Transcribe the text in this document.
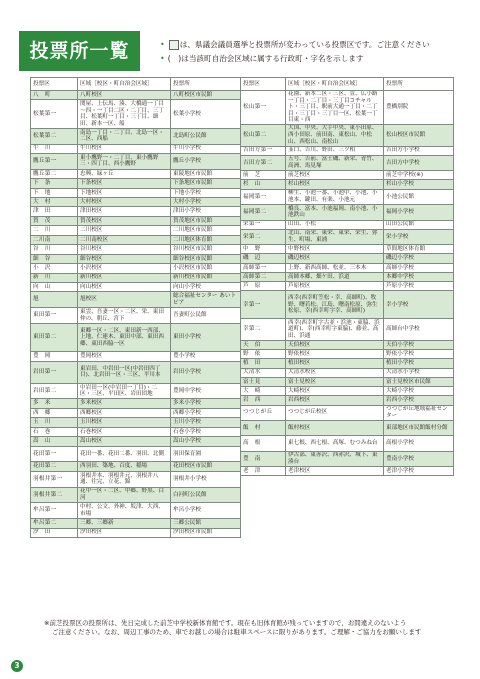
投票所一覧	• は、県議会議員選挙と投票所が変わっている投票区です。ご注意ください
• (　) は当該町自治会区域に属する行政町・字名を示します
投票区	区域［校区・町自治会区域］	投票所
八　町	八町校区	八町校区市民館
松葉第一	関屋、上伝馬、湊、大橋通一丁目～四・一丁目二区・二丁目、三丁目、松葉町一丁目・三丁目、細田、新本一区、船	松葉小学校
松葉第二	南島一丁目・二丁目、北島一区・二区、西船	北島町公民館
牛　川	牛川校区	牛川小学校
鷹丘第一	東小鷹野一・二丁目、東小鷹野三・四丁目、西小鷹野	鷹丘小学校
鷹丘第二	忠興、緑ヶ丘	東陵地区市民館
下　条	下条校区	下条地区市民館
下　地	下地校区	下地小学校
大　村	大村校区	大村小学校
津　田	津田校区	津田小学校
賀　茂	賀茂校区	賀茂地区市民館
二　川	二川校区	二川地区市民館
二川南	二川南校区	二川地区体育館
谷　川	谷川校区	谷川校区市民館
細　谷	細谷校区	細谷校区市民館
小　沢	小沢校区	小沢校区市民館
新　川	新川校区	新川校区市民館
向　山	向山校区	向山小学校
旭	旭校区	総合福祉センター あいトピア
東田第一	東雲、吾妻一区・二区、栄、東田仲の、朝丘、宮下	吾妻町公民館
東田第二	東郷一区・二区、東田新一西部、上地、仁連木、東田中部、東田西郷、東田西脇一区	東田小学校
豊　岡	豊岡校区	豊小学校
岩田第一	東岩田、中岩田一区(中岩田四丁目)、北岩田一区・三区、平川本	岩田小学校
岩田第二	中岩田一区(中岩田一丁目)・二区・三区、平田区、岩田団地	豊岡中学校
多　米	多米校区	多米小学校
西　郷	西郷校区	西郷小学校
玉　川	玉川校区	玉川小学校
石　巻	石巻校区	石巻小学校
嵩　山	嵩山校区	嵩山小学校
花田第一	花田一番、花田二番、羽田、北側	羽田保育園
花田第二	西羽田、築地、百度、稲場	花田校区市民館
羽根井第一	羽根井本、羽根井元、羽根井八通、往完、立花、錦	羽根井小学校
羽根井第二	花中一区・二区、中郷、野黒、白河	白河町公民館
牟呂第一	中村、公文、外神、坂津、大西、市場	牟呂小学校
牟呂第二	三郷、三郷新	三郷公民館
汐　田	汐田校区	汐田校区市民館
投票区	区域［校区・町自治会区域］	投票所
松山第一	花園、新本二区・三区、萱、広小路一丁目・二丁目・三丁目コチャルト・三丁目、駅前大通一丁目・二丁目・三丁目・三丁目一区、松葉一丁目東・西	豊橋別院
松山第二	大国、中央、大手中央、東小田原、西小田原、前田南、東松山、中松山、西松山、南松山	松山校区市民館
吉田方第一	韮口、吉川、野田、三ツ相	吉田方小学校
吉田方第二	五号、吉前、富士磯、新栄、青竹、高洲、馬見塚	吉田方中学校
前　芝	前芝校区	前芝中学校(※)
杉　山	杉山校区	杉山小学校
福岡第一	柳生、小池一番、小池中、小池、小池本、鍵田、有楽、小池元	小池公民館
福岡第二	橋良、富本、小池福岡、南小池、小池鉄山	福岡小学校
栄第一	山田、小松	山田公民館
栄第二	北山、南栄、東栄、東栄、栄生、弥生、町場、東浦	栄小学校
中　野	中野校区	草間地区体育館
磯　辺	磯辺校区	磯辺小学校
高師第一	上野、新西高師、松並、三本木	高師小学校
高師第二	高師本郷、畑ケ田、浜道	本郷中学校
芦　原	芦原校区	芦原小学校
幸第一	西幸(西幸町笠松・幸、高師町)、牧野、曙若松、江島、曙南松原、弥生松原、幸(西幸町字幸、高師町)	幸小学校
幸第二	西幸(西幸町字古並・浜池・東脇、浜道町)、幸(西幸町字東脇)、藤並、高田、浜通	高師台中学校
天　伯	天伯校区	天伯小学校
野　依	野依校区	野依小学校
植　田	植田校区	植田小学校
大清水	大清水校区	大清水小学校
富士見	富士見校区	富士見校区市民館
大　崎	大崎校区	大崎小学校
岩　西	岩西校区	岩西小学校
つつじが丘	つつじが丘校区	つつじが丘地域福祉センター
飯　村	飯村校区	東部地区市民館飯村分館
高　根	東七根、西七根、高塚、むつみね台	高根小学校
豊　南	伊古部、東赤沢、西赤沢、城下、東湊台	豊南小学校
老　津	老津校区	老津小学校
※前芝投票区の投票所は、先日完成した前芝中学校新体育館です。現在も旧体育館が残っていますので、お間違えのないよう
ご注意ください。なお、周辺工事のため、車でお越しの場合は駐車スペースに限りがあります。ご理解・ご協力をお願いします
3
